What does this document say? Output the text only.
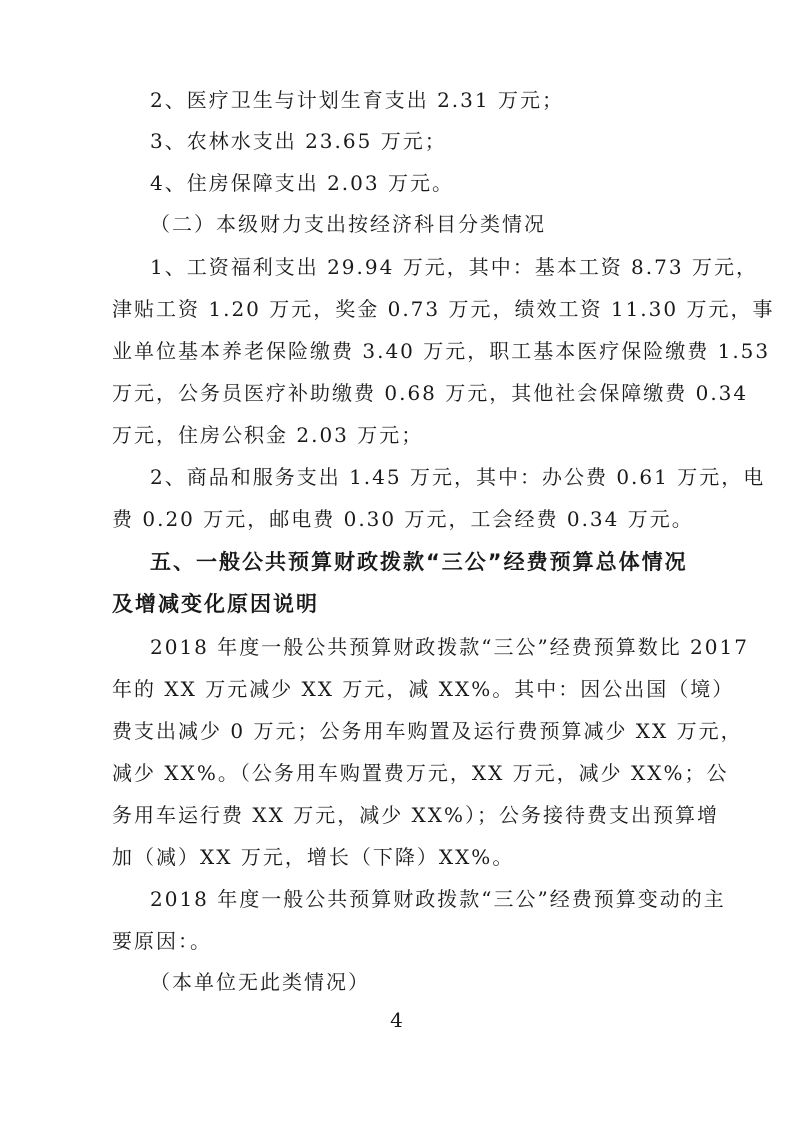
2、医疗卫生与计划生育支出 2.31 万元；
3、农林水支出 23.65 万元；
4、住房保障支出 2.03 万元。
（二）本级财力支出按经济科目分类情况
1、工资福利支出 29.94 万元，其中：基本工资 8.73 万元，
津贴工资 1.20 万元，奖金 0.73 万元，绩效工资 11.30 万元，事
业单位基本养老保险缴费 3.40 万元，职工基本医疗保险缴费 1.53
万元，公务员医疗补助缴费 0.68 万元，其他社会保障缴费 0.34
万元，住房公积金 2.03 万元；
2、商品和服务支出 1.45 万元，其中：办公费 0.61 万元，电
费 0.20 万元，邮电费 0.30 万元，工会经费 0.34 万元。
五、一般公共预算财政拨款“三公”经费预算总体情况
及增减变化原因说明
2018 年度一般公共预算财政拨款“三公”经费预算数比 2017
年的 XX 万元减少 XX 万元，减 XX%。其中：因公出国（境）
费支出减少 0 万元；公务用车购置及运行费预算减少 XX 万元，
减少 XX%。（公务用车购置费万元，XX 万元，减少 XX%；公
务用车运行费 XX 万元，减少 XX%）；公务接待费支出预算增
加（减）XX 万元，增长（下降）XX%。
2018 年度一般公共预算财政拨款“三公”经费预算变动的主
要原因：。
（本单位无此类情况）
4
